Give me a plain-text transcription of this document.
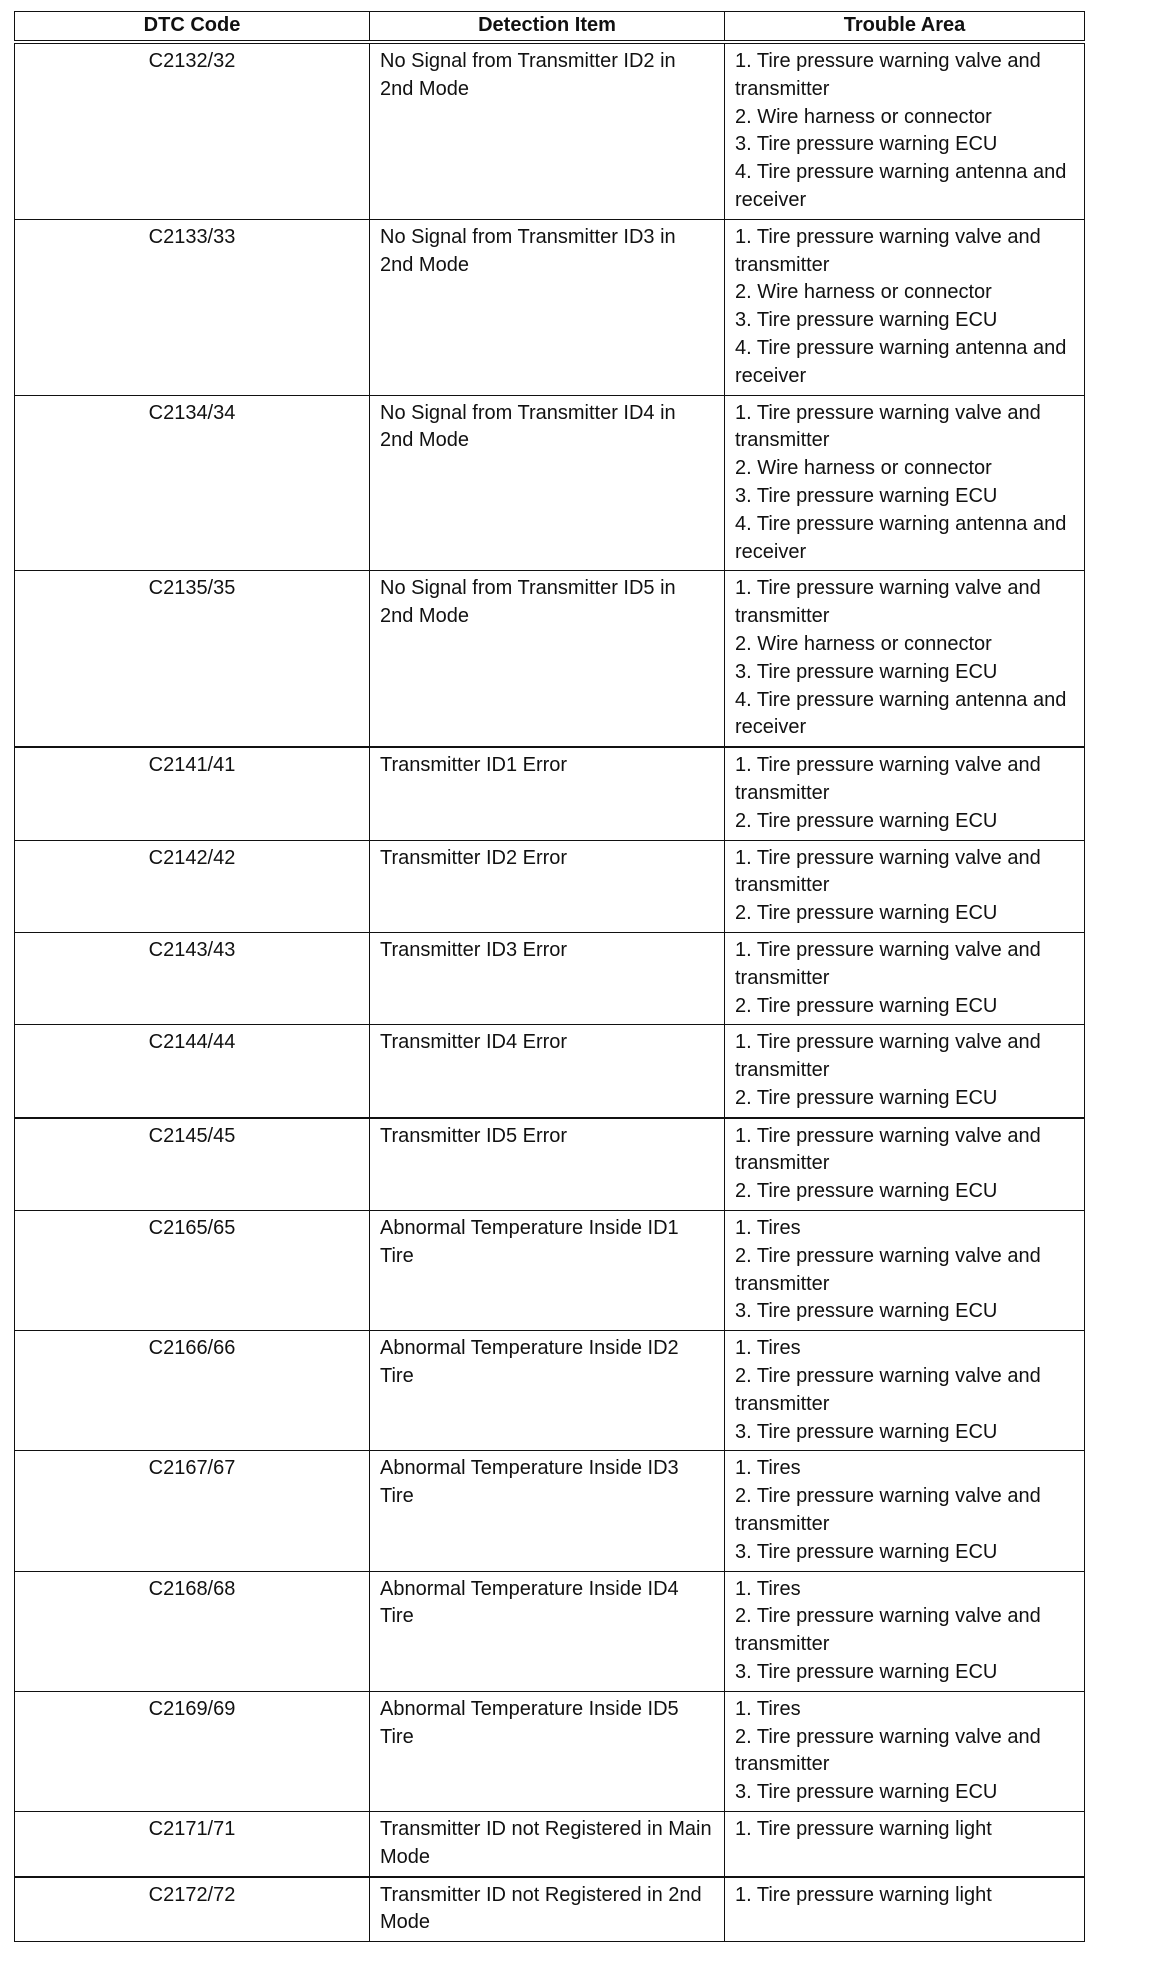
DTC Code	Detection Item	Trouble Area
C2132/32	No Signal from Transmitter ID2 in 2nd Mode	1. Tire pressure warning valve and transmitter
2. Wire harness or connector
3. Tire pressure warning ECU
4. Tire pressure warning antenna and receiver

C2133/33	No Signal from Transmitter ID3 in 2nd Mode	1. Tire pressure warning valve and transmitter
2. Wire harness or connector
3. Tire pressure warning ECU
4. Tire pressure warning antenna and receiver

C2134/34	No Signal from Transmitter ID4 in 2nd Mode	1. Tire pressure warning valve and transmitter
2. Wire harness or connector
3. Tire pressure warning ECU
4. Tire pressure warning antenna and receiver

C2135/35	No Signal from Transmitter ID5 in 2nd Mode	1. Tire pressure warning valve and transmitter
2. Wire harness or connector
3. Tire pressure warning ECU
4. Tire pressure warning antenna and receiver

C2141/41	Transmitter ID1 Error	1. Tire pressure warning valve and transmitter
2. Tire pressure warning ECU

C2142/42	Transmitter ID2 Error	1. Tire pressure warning valve and transmitter
2. Tire pressure warning ECU

C2143/43	Transmitter ID3 Error	1. Tire pressure warning valve and transmitter
2. Tire pressure warning ECU

C2144/44	Transmitter ID4 Error	1. Tire pressure warning valve and transmitter
2. Tire pressure warning ECU

C2145/45	Transmitter ID5 Error	1. Tire pressure warning valve and transmitter
2. Tire pressure warning ECU

C2165/65	Abnormal Temperature Inside ID1 Tire	1. Tires
2. Tire pressure warning valve and transmitter
3. Tire pressure warning ECU

C2166/66	Abnormal Temperature Inside ID2 Tire	1. Tires
2. Tire pressure warning valve and transmitter
3. Tire pressure warning ECU

C2167/67	Abnormal Temperature Inside ID3 Tire	1. Tires
2. Tire pressure warning valve and transmitter
3. Tire pressure warning ECU

C2168/68	Abnormal Temperature Inside ID4 Tire	1. Tires
2. Tire pressure warning valve and transmitter
3. Tire pressure warning ECU

C2169/69	Abnormal Temperature Inside ID5 Tire	1. Tires
2. Tire pressure warning valve and transmitter
3. Tire pressure warning ECU

C2171/71	Transmitter ID not Registered in Main Mode	1. Tire pressure warning light

C2172/72	Transmitter ID not Registered in 2nd Mode	1. Tire pressure warning light
